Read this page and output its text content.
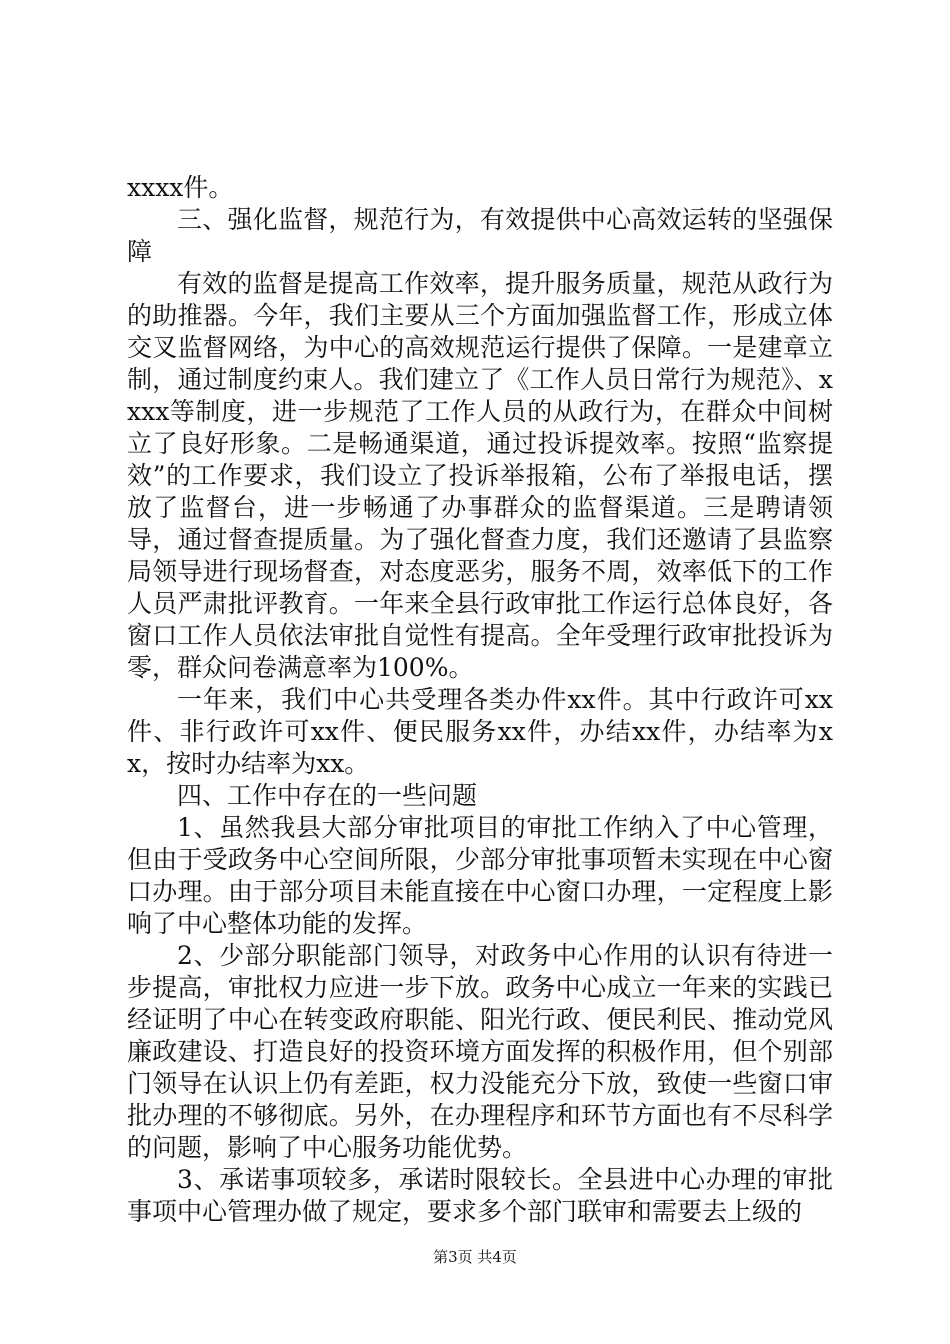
xxxx件。

三、强化监督，规范行为，有效提供中心高效运转的坚强保障

有效的监督是提高工作效率，提升服务质量，规范从政行为的助推器。今年，我们主要从三个方面加强监督工作，形成立体交叉监督网络，为中心的高效规范运行提供了保障。一是建章立制，通过制度约束人。我们建立了《工作人员日常行为规范》、xxxx等制度，进一步规范了工作人员的从政行为，在群众中间树立了良好形象。二是畅通渠道，通过投诉提效率。按照“监察提效”的工作要求，我们设立了投诉举报箱，公布了举报电话，摆放了监督台，进一步畅通了办事群众的监督渠道。三是聘请领导，通过督查提质量。为了强化督查力度，我们还邀请了县监察局领导进行现场督查，对态度恶劣，服务不周，效率低下的工作人员严肃批评教育。一年来全县行政审批工作运行总体良好，各窗口工作人员依法审批自觉性有提高。全年受理行政审批投诉为零，群众问卷满意率为100%。

一年来，我们中心共受理各类办件xx件。其中行政许可xx件、非行政许可xx件、便民服务xx件，办结xx件，办结率为xx，按时办结率为xx。

四、工作中存在的一些问题

1、虽然我县大部分审批项目的审批工作纳入了中心管理，但由于受政务中心空间所限，少部分审批事项暂未实现在中心窗口办理。由于部分项目未能直接在中心窗口办理，一定程度上影响了中心整体功能的发挥。

2、少部分职能部门领导，对政务中心作用的认识有待进一步提高，审批权力应进一步下放。政务中心成立一年来的实践已经证明了中心在转变政府职能、阳光行政、便民利民、推动党风廉政建设、打造良好的投资环境方面发挥的积极作用，但个别部门领导在认识上仍有差距，权力没能充分下放，致使一些窗口审批办理的不够彻底。另外，在办理程序和环节方面也有不尽科学的问题，影响了中心服务功能优势。

3、承诺事项较多，承诺时限较长。全县进中心办理的审批事项中心管理办做了规定，要求多个部门联审和需要去上级的

第3页 共4页
